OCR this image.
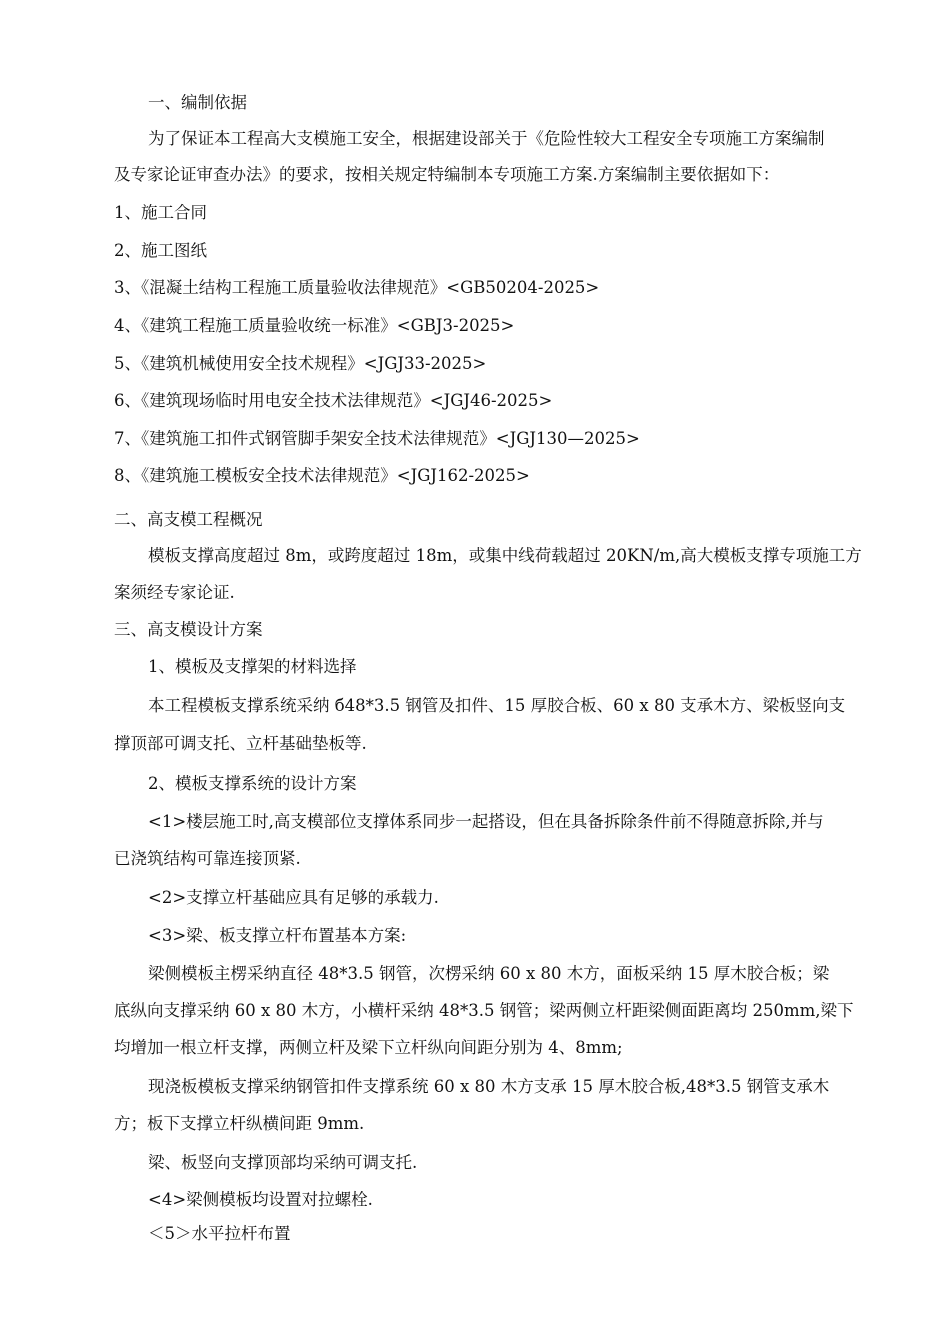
一、编制依据
为了保证本工程高大支模施工安全，根据建设部关于《危险性较大工程安全专项施工方案编制
及专家论证审查办法》的要求，按相关规定特编制本专项施工方案.方案编制主要依据如下：
1、施工合同
2、施工图纸
3、《混凝土结构工程施工质量验收法律规范》<GB50204-2025>
4、《建筑工程施工质量验收统一标准》<GBJ3-2025>
5、《建筑机械使用安全技术规程》<JGJ33-2025>
6、《建筑现场临时用电安全技术法律规范》<JGJ46-2025>
7、《建筑施工扣件式钢管脚手架安全技术法律规范》<JGJ130—2025>
8、《建筑施工模板安全技术法律规范》<JGJ162-2025>
二、高支模工程概况
模板支撑高度超过 8m，或跨度超过 18m，或集中线荷载超过 20KN/m,高大模板支撑专项施工方
案须经专家论证.
三、高支模设计方案
1、模板及支撑架的材料选择
本工程模板支撑系统采纳 б48*3.5 钢管及扣件、15 厚胶合板、60 x 80 支承木方、梁板竖向支
撑顶部可调支托、立杆基础垫板等.
2、模板支撑系统的设计方案
<1>楼层施工时,高支模部位支撑体系同步一起搭设，但在具备拆除条件前不得随意拆除,并与
已浇筑结构可靠连接顶紧.
<2>支撑立杆基础应具有足够的承载力.
<3>梁、板支撑立杆布置基本方案:
梁侧模板主楞采纳直径 48*3.5 钢管，次楞采纳 60 x 80 木方，面板采纳 15 厚木胶合板；梁
底纵向支撑采纳 60 x 80 木方，小横杆采纳 48*3.5 钢管；梁两侧立杆距梁侧面距离均 250mm,梁下
均增加一根立杆支撑，两侧立杆及梁下立杆纵向间距分别为 4、8mm;
现浇板模板支撑采纳钢管扣件支撑系统 60 x 80 木方支承 15 厚木胶合板,48*3.5 钢管支承木
方；板下支撑立杆纵横间距 9mm.
梁、板竖向支撑顶部均采纳可调支托.
<4>梁侧模板均设置对拉螺栓.
＜5＞水平拉杆布置
